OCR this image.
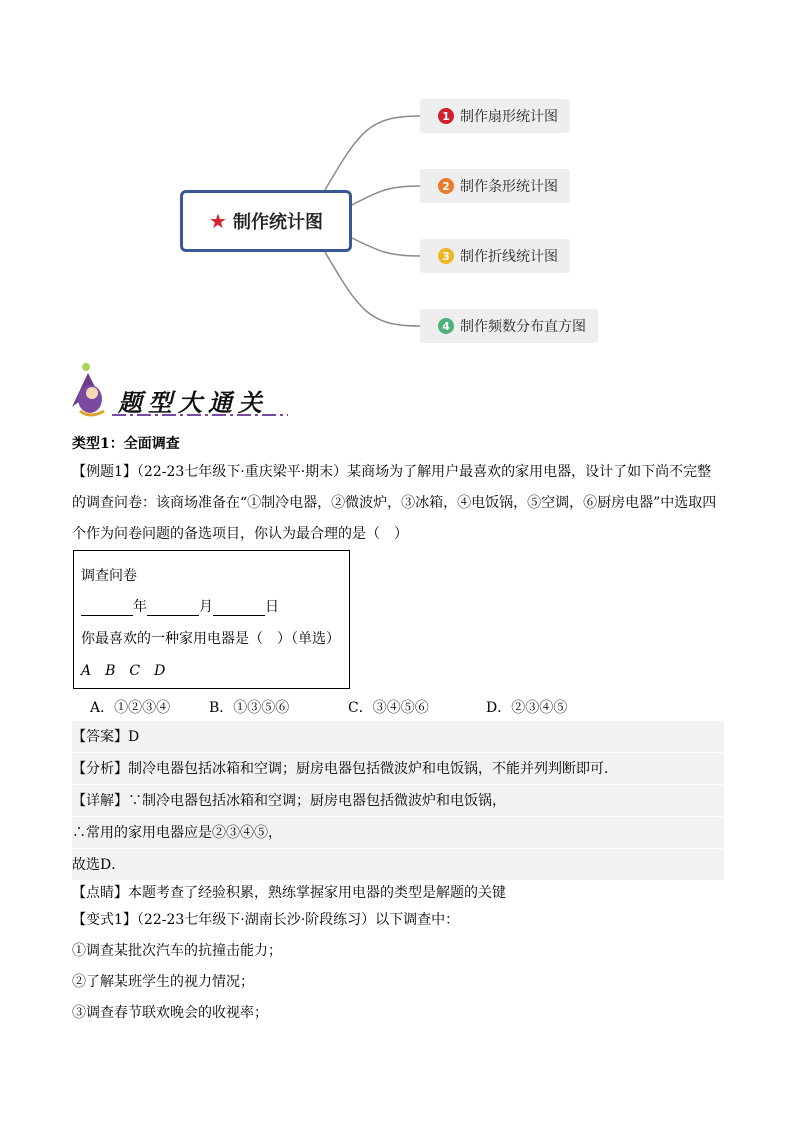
★ 制作统计图
1 制作扇形统计图
2 制作条形统计图
3 制作折线统计图
4 制作频数分布直方图
题型大通关
类型1：全面调查
【例题1】（22-23七年级下·重庆梁平·期末）某商场为了解用户最喜欢的家用电器，设计了如下尚不完整
的调查问卷：该商场准备在“①制冷电器，②微波炉，③冰箱，④电饭锅，⑤空调，⑥厨房电器”中选取四
个作为问卷问题的备选项目，你认为最合理的是（　）
调查问卷
年	月	日
你最喜欢的一种家用电器是（　）（单选）
A　B　C　D
A．①②③④	B．①③⑤⑥	C．③④⑤⑥	D．②③④⑤
【答案】D
【分析】制冷电器包括冰箱和空调；厨房电器包括微波炉和电饭锅，不能并列判断即可．
【详解】∵制冷电器包括冰箱和空调；厨房电器包括微波炉和电饭锅，
∴常用的家用电器应是②③④⑤，
故选D．
【点睛】本题考查了经验积累，熟练掌握家用电器的类型是解题的关键
【变式1】（22-23七年级下·湖南长沙·阶段练习）以下调查中：
①调查某批次汽车的抗撞击能力；
②了解某班学生的视力情况；
③调查春节联欢晚会的收视率；
